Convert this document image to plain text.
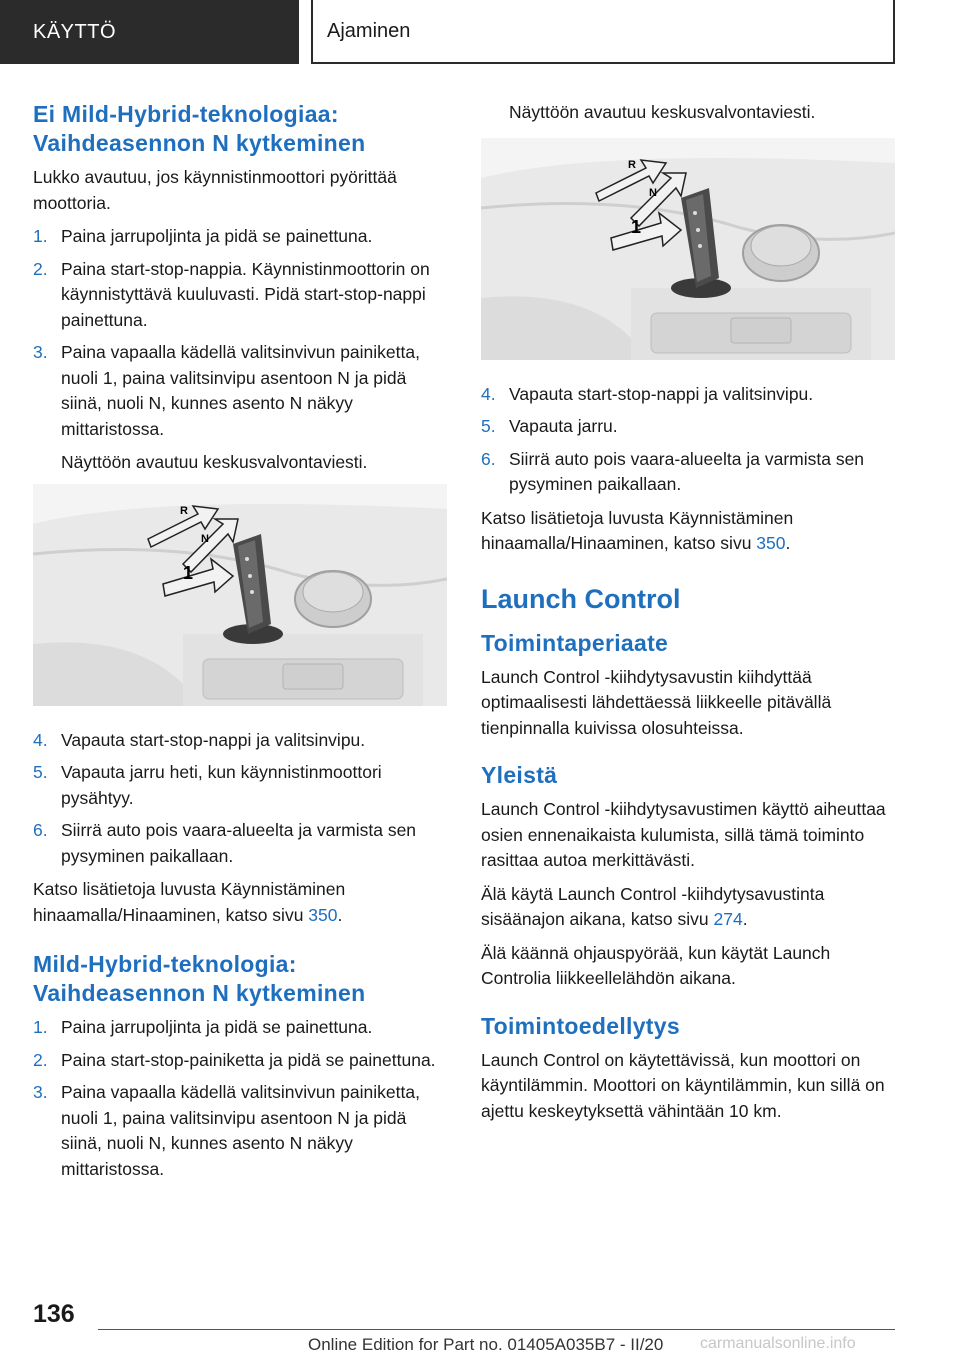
KÄYTTÖ	Ajaminen
Ei Mild-Hybrid-teknologiaa: Vaihdeasennon N kytkeminen

Lukko avautuu, jos käynnistinmoottori pyörittää moottoria.

1. Paina jarrupoljinta ja pidä se painettuna.
2. Paina start-stop-nappia. Käynnistinmoottorin on käynnistyttävä kuuluvasti. Pidä start-stop-nappi painettuna.
3. Paina vapaalla kädellä valitsinvivun painiketta, nuoli 1, paina valitsinvipu asentoon N ja pidä siinä, nuoli N, kunnes asento N näkyy mittaristossa.

Näyttöön avautuu keskusvalvontaviesti.

R
N
1
4. Vapauta start-stop-nappi ja valitsinvipu.
5. Vapauta jarru heti, kun käynnistinmoottori pysähtyy.
6. Siirrä auto pois vaara-alueelta ja varmista sen pysyminen paikallaan.

Katso lisätietoja luvusta Käynnistäminen hinaamalla/Hinaaminen, katso sivu 350.

Mild-Hybrid-teknologia: Vaihdeasennon N kytkeminen
1. Paina jarrupoljinta ja pidä se painettuna.
2. Paina start-stop-painiketta ja pidä se painettuna.
3. Paina vapaalla kädellä valitsinvivun painiketta, nuoli 1, paina valitsinvipu asentoon N ja pidä siinä, nuoli N, kunnes asento N näkyy mittaristossa.

Näyttöön avautuu keskusvalvontaviesti.

R
N
1
4. Vapauta start-stop-nappi ja valitsinvipu.
5. Vapauta jarru.
6. Siirrä auto pois vaara-alueelta ja varmista sen pysyminen paikallaan.

Katso lisätietoja luvusta Käynnistäminen hinaamalla/Hinaaminen, katso sivu 350.

Launch Control
Toimintaperiaate

Launch Control -kiihdytysavustin kiihdyttää optimaalisesti lähdettäessä liikkeelle pitävällä tienpinnalla kuivissa olosuhteissa.

Yleistä

Launch Control -kiihdytysavustimen käyttö aiheuttaa osien ennenaikaista kulumista, sillä tämä toiminto rasittaa autoa merkittävästi.

Älä käytä Launch Control -kiihdytysavustinta sisäänajon aikana, katso sivu 274.

Älä käännä ohjauspyörää, kun käytät Launch Controlia liikkeellelähdön aikana.

Toimintoedellytys

Launch Control on käytettävissä, kun moottori on käyntilämmin. Moottori on käyntilämmin, kun sillä on ajettu keskeytyksettä vähintään 10 km.

136
Online Edition for Part no. 01405A035B7 - II/20 carmanualsonline.info
